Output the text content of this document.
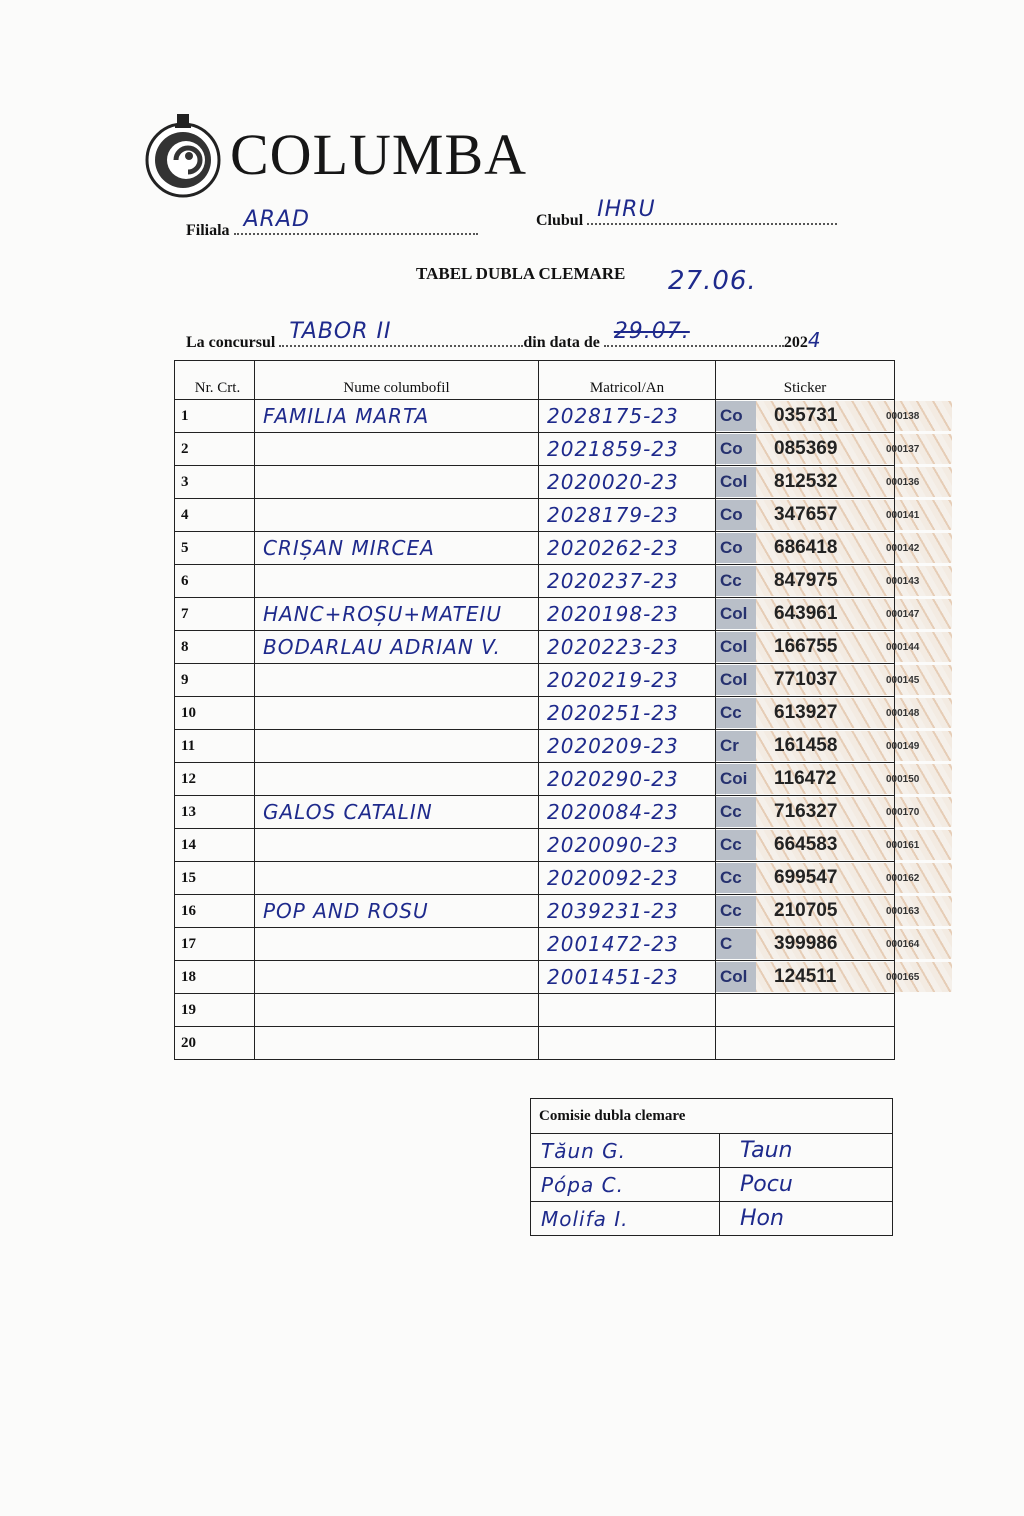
COLUMBA
Filiala ARAD	Clubul IHRU
TABEL DUBLA CLEMARE 27.06.
La concursul TABOR II	din data de 29.07.	2024
Nr. Crt.	Nume columbofil	Matricol/An	Sticker
1	FAMILIA MARTA	2028175-23	Co 035731 000138

2		2021859-23	Co 085369 000137

3		2020020-23	Col 812532 000136

4		2028179-23	Co 347657 000141

5	CRIȘAN MIRCEA	2020262-23	Co 686418 000142

6		2020237-23	Cc 847975 000143

7	HANC+ROȘU+MATEIU	2020198-23	Col 643961 000147

8	BODARLAU ADRIAN V.	2020223-23	Col 166755 000144

9		2020219-23	Col 771037 000145

10		2020251-23	Cc 613927 000148

11		2020209-23	Cr 161458 000149

12		2020290-23	Coi 116472 000150

13	GALOS CATALIN	2020084-23	Cc 716327 000170

14		2020090-23	Cc 664583 000161

15		2020092-23	Cc 699547 000162

16	POP AND ROSU	2039231-23	Cc 210705 000163

17		2001472-23	C 399986 000164

18		2001451-23	Col 124511 000165

19			
20			
Comisie dubla clemare	
Tăun G.	Taun
Pópa C.	Pocu
Molifa I.	Hon
